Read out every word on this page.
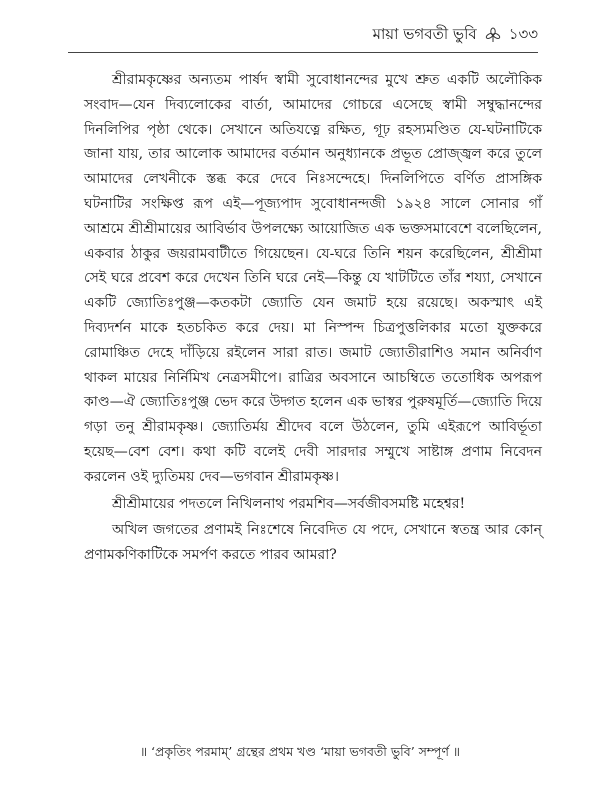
মায়া ভগবতী ভুবি ১৩৩

শ্রীরামকৃষ্ণের অন্যতম পার্ষদ স্বামী সুবোধানন্দের মুখে শ্রুত একটি অলৌকিক সংবাদ—যেন দিব্যলোকের বার্তা, আমাদের গোচরে এসেছে স্বামী সম্বুদ্ধানন্দের দিনলিপির পৃষ্ঠা থেকে। সেখানে অতিযত্নে রক্ষিত, গূঢ় রহস্যমণ্ডিত যে-ঘটনাটিকে জানা যায়, তার আলোক আমাদের বর্তমান অনুধ্যানকে প্রভূত প্রোজ্জ্বল করে তুলে আমাদের লেখনীকে স্তব্ধ করে দেবে নিঃসন্দেহে। দিনলিপিতে বর্ণিত প্রাসঙ্গিক ঘটনাটির সংক্ষিপ্ত রূপ এই—পূজ্যপাদ সুবোধানন্দজী ১৯২৪ সালে সোনার গাঁ আশ্রমে শ্রীশ্রীমায়ের আবির্ভাব উপলক্ষ্যে আয়োজিত এক ভক্তসমাবেশে বলেছিলেন, একবার ঠাকুর জয়রামবাটীতে গিয়েছেন। যে-ঘরে তিনি শয়ন করেছিলেন, শ্রীশ্রীমা সেই ঘরে প্রবেশ করে দেখেন তিনি ঘরে নেই—কিন্তু যে খাটটিতে তাঁর শয্যা, সেখানে একটি জ্যোতিঃপুঞ্জ—কতকটা জ্যোতি যেন জমাট হয়ে রয়েছে। অকস্মাৎ এই দিব্যদর্শন মাকে হতচকিত করে দেয়। মা নিস্পন্দ চিত্রপুত্তলিকার মতো যুক্তকরে রোমাঞ্চিত দেহে দাঁড়িয়ে রইলেন সারা রাত। জমাট জ্যোতীরাশিও সমান অনির্বাণ থাকল মায়ের নির্নিমিখ নেত্রসমীপে। রাত্রির অবসানে আচম্বিতে ততোধিক অপরূপ কাণ্ড—ঐ জ্যোতিঃপুঞ্জ ভেদ করে উদ্গত হলেন এক ভাস্বর পুরুষমূর্তি—জ্যোতি দিয়ে গড়া তনু শ্রীরামকৃষ্ণ। জ্যোতির্ময় শ্রীদেব বলে উঠলেন, তুমি এইরূপে আবির্ভূতা হয়েছ—বেশ বেশ। কথা কটি বলেই দেবী সারদার সম্মুখে সাষ্টাঙ্গ প্রণাম নিবেদন করলেন ওই দ্যুতিময় দেব—ভগবান শ্রীরামকৃষ্ণ।

শ্রীশ্রীমায়ের পদতলে নিখিলনাথ পরমশিব—সর্বজীবসমষ্টি মহেশ্বর!

অখিল জগতের প্রণামই নিঃশেষে নিবেদিত যে পদে, সেখানে স্বতন্ত্র আর কোন্ প্রণামকণিকাটিকে সমর্পণ করতে পারব আমরা?

॥ ‘প্রকৃতিং পরমাম্’ গ্রন্থের প্রথম খণ্ড ‘মায়া ভগবতী ভুবি’ সম্পূর্ণ ॥
